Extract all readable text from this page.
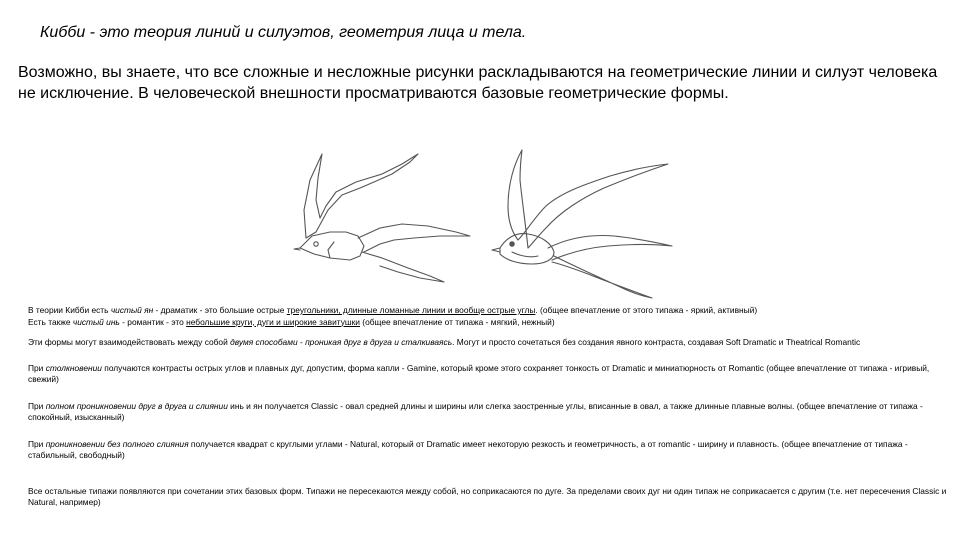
Кибби - это теория линий и силуэтов, геометрия лица и тела.

Возможно, вы знаете, что все сложные и несложные рисунки раскладываются на геометрические линии и силуэт человека не исключение. В человеческой внешности просматриваются базовые геометрические формы.

В теории Кибби есть чистый ян - драматик - это большие острые треугольники, длинные ломанные линии и вообще острые углы. (общее впечатление от этого типажа - яркий, активный)

Есть также чистый инь - романтик - это небольшие круги, дуги и широкие завитушки (общее впечатление от типажа - мягкий, нежный)

Эти формы могут взаимодействовать между собой двумя способами - проникая друг в друга и сталкиваясь. Могут и просто сочетаться без создания явного контраста, создавая Soft Dramatic и Theatrical Romantic

При столкновении получаются контрасты острых углов и плавных дуг, допустим, форма капли - Gamine, который кроме этого сохраняет тонкость от Dramatic и миниатюрность от Romantic (общее впечатление от типажа - игривый, свежий)

При полном проникновении друг в друга и слиянии инь и ян получается Classic - овал средней длины и ширины или слегка заостренные углы, вписанные в овал, а также длинные плавные волны. (общее впечатление от типажа - спокойный, изысканный)

При проникновении без полного слияния получается квадрат с круглыми углами - Natural, который от Dramatic имеет некоторую резкость и геометричность, а от romantic - ширину и плавность. (общее впечатление от типажа - стабильный, свободный)

Все остальные типажи появляются при сочетании этих базовых форм. Типажи не пересекаются между собой, но соприкасаются по дуге. За пределами своих дуг ни один типаж не соприкасается с другим (т.е. нет пересечения Classic и Natural, например)
